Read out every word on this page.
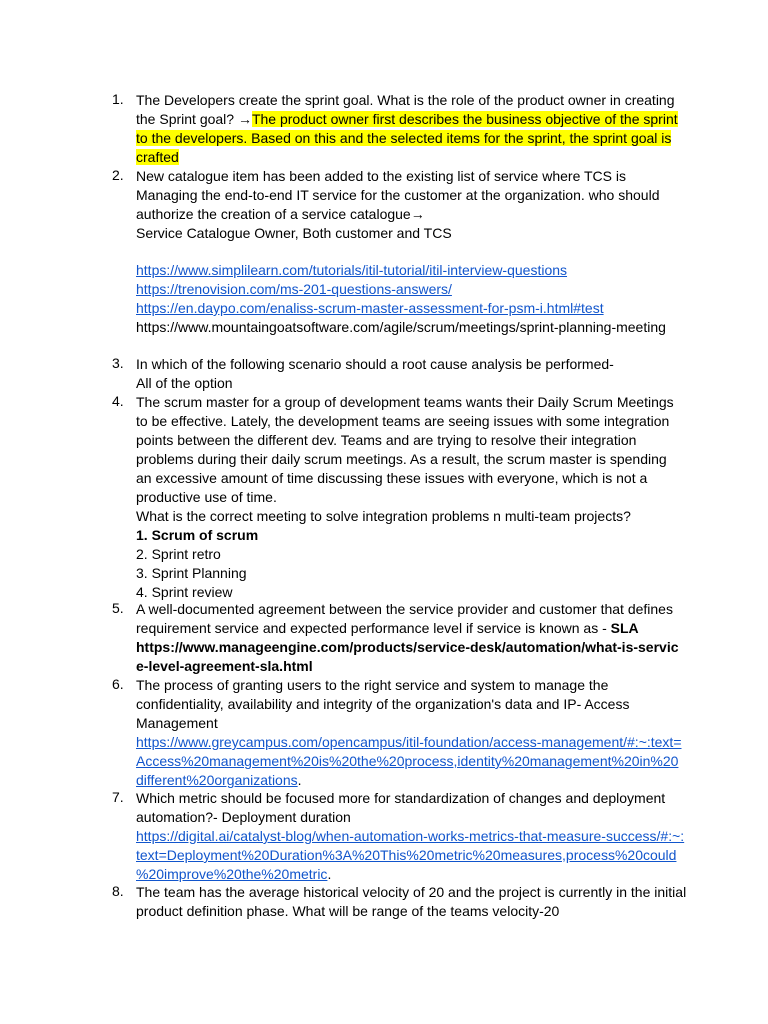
1. The Developers create the sprint goal. What is the role of the product owner in creating
the Sprint goal? →The product owner first describes the business objective of the sprint
to the developers. Based on this and the selected items for the sprint, the sprint goal is
crafted
2. New catalogue item has been added to the existing list of service where TCS is
Managing the end-to-end IT service for the customer at the organization. who should
authorize the creation of a service catalogue→
Service Catalogue Owner, Both customer and TCS
https://www.simplilearn.com/tutorials/itil-tutorial/itil-interview-questions
https://trenovision.com/ms-201-questions-answers/
https://en.daypo.com/enaliss-scrum-master-assessment-for-psm-i.html#test
https://www.mountaingoatsoftware.com/agile/scrum/meetings/sprint-planning-meeting
3. In which of the following scenario should a root cause analysis be performed-
All of the option
4. The scrum master for a group of development teams wants their Daily Scrum Meetings
to be effective. Lately, the development teams are seeing issues with some integration
points between the different dev. Teams and are trying to resolve their integration
problems during their daily scrum meetings. As a result, the scrum master is spending
an excessive amount of time discussing these issues with everyone, which is not a
productive use of time.
What is the correct meeting to solve integration problems n multi-team projects?
1. Scrum of scrum
2. Sprint retro
3. Sprint Planning
4. Sprint review
5. A well-documented agreement between the service provider and customer that defines
requirement service and expected performance level if service is known as - SLA
https://www.manageengine.com/products/service-desk/automation/what-is-servic
e-level-agreement-sla.html
6. The process of granting users to the right service and system to manage the
confidentiality, availability and integrity of the organization's data and IP- Access
Management
https://www.greycampus.com/opencampus/itil-foundation/access-management/#:~:text=
Access%20management%20is%20the%20process,identity%20management%20in%20
different%20organizations.
7. Which metric should be focused more for standardization of changes and deployment
automation?- Deployment duration
https://digital.ai/catalyst-blog/when-automation-works-metrics-that-measure-success/#:~:
text=Deployment%20Duration%3A%20This%20metric%20measures,process%20could
%20improve%20the%20metric.
8. The team has the average historical velocity of 20 and the project is currently in the initial
product definition phase. What will be range of the teams velocity-20
